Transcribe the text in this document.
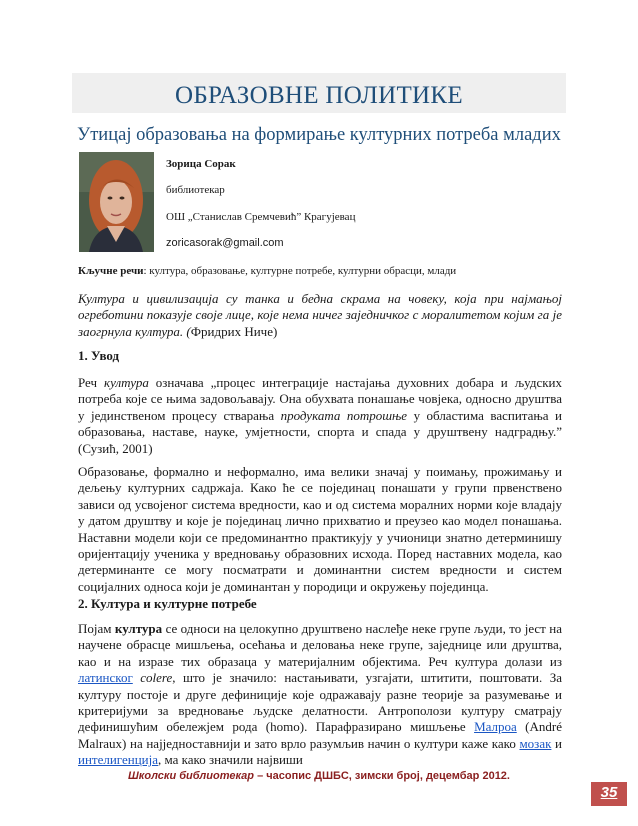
ОБРАЗОВНЕ ПОЛИТИКЕ
Утицај образовања на формирање културних потреба младих
Зорица Сорак
библиотекар
ОШ „Станислав Сремчевић” Крагујевац
zoricasorak@gmail.com
Кључне речи: култура, образовање, културне потребе, културни обрасци, млади
Култура и цивилизација су танка и бедна скрама на човеку, која при најмањој огреботини показује своје лице, које нема ничег заједничког с моралитетом којим га је заогрнула култура. (Фридрих Ниче)
1. Увод
Реч култура означава „процес интеграције настајања духовних добара и људских потреба које се њима задовољавају. Она обухвата понашање човјека, односно друштва у јединственом процесу стварања продуката потрошње у областима васпитања и образовања, наставе, науке, умјетности, спорта и спада у друштвену надградњу.” (Сузић, 2001)
Образовање, формално и неформално, има велики значај у поимању, прожимању и дељењу културних садржаја. Како ће се појединац понашати у групи првенствено зависи од усвојеног система вредности, као и од система моралних норми које владају у датом друштву и које је појединац лично прихватио и преузео као модел понашања. Наставни модели који се предоминантно практикују у учионици знатно детерминишу оријентацију ученика у вредновању образовних исхода. Поред наставних модела, као детерминанте се могу посматрати и доминантни систем вредности и систем социјалних односа који је доминантан у породици и окружењу појединца.
2. Култура и културне потребе
Појам култура се односи на целокупно друштвено наслеђе неке групе људи, то јест на научене обрасце мишљења, осећања и деловања неке групе, заједнице или друштва, као и на изразе тих образаца у материјалним објектима. Реч култура долази из латинског colere, што је значило: настањивати, узгајати, штитити, поштовати. За културу постоје и друге дефиниције које одражавају разне теорије за разумевање и критеријуми за вредновање људске делатности. Антрополози културу сматрају дефинишућим обележјем рода (homo). Парафразирано мишљење Малроа (André Malraux) на најједноставнији и зато врло разумљив начин о култури каже како мозак и интелигенција, ма како значили највиши
Школски библиотекар – часопис ДШБС, зимски број, децембар 2012.
35
